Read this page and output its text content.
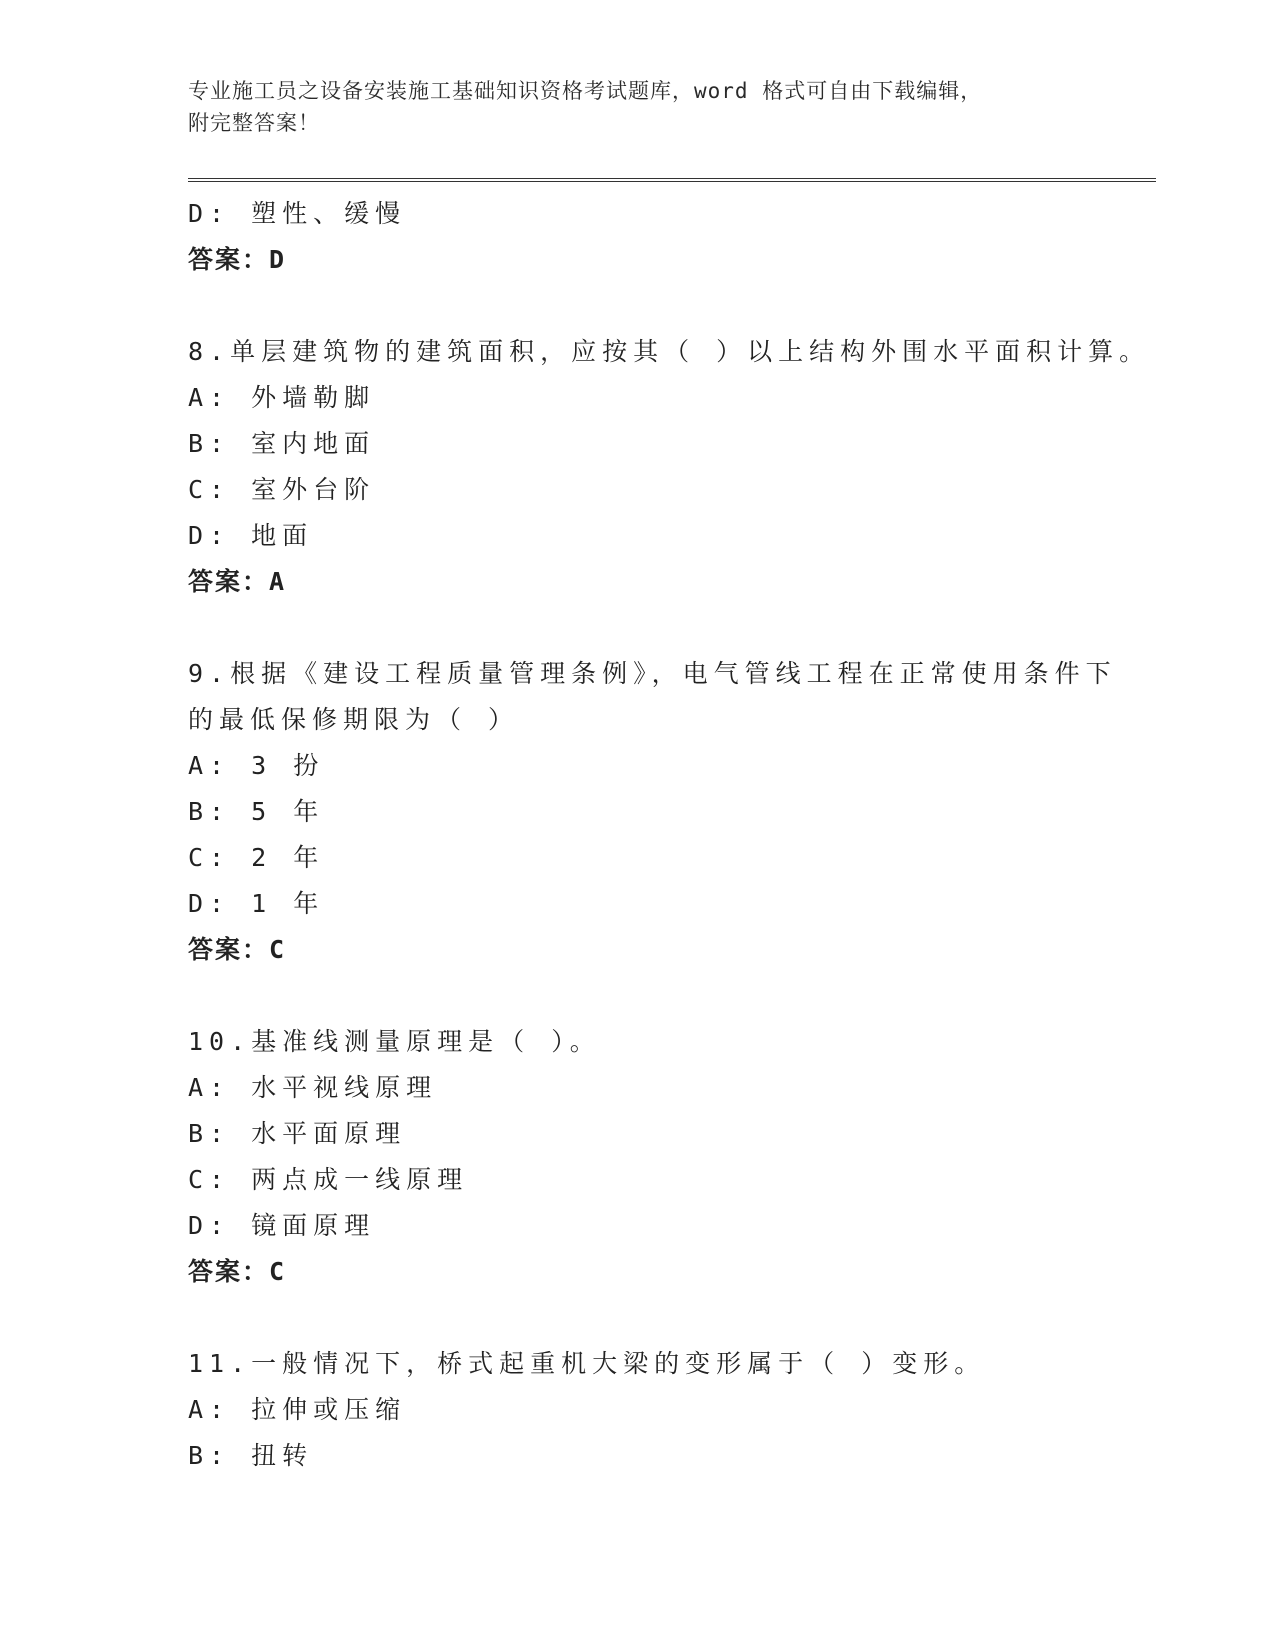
专业施工员之设备安装施工基础知识资格考试题库，word 格式可自由下载编辑，
附完整答案！
D: 塑性、缓慢
答案：D
8.单层建筑物的建筑面积，应按其（ ）以上结构外围水平面积计算。
A: 外墙勒脚
B: 室内地面
C: 室外台阶
D: 地面
答案：A
9.根据《建设工程质量管理条例》，电气管线工程在正常使用条件下
的最低保修期限为（ ）
A: 3 扮
B: 5 年
C: 2 年
D: 1 年
答案：C
10.基准线测量原理是（ ）。
A: 水平视线原理
B: 水平面原理
C: 两点成一线原理
D: 镜面原理
答案：C
11.一般情况下，桥式起重机大梁的变形属于（ ）变形。
A: 拉伸或压缩
B: 扭转
